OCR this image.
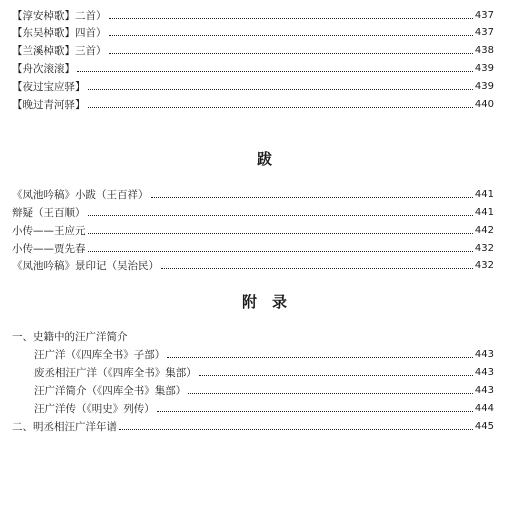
【淳安棹歌】二首）	437
【东吴棹歌】四首）	437
【兰溪棹歌】三首）	438
【舟次滚滚】	439
【夜过宝应驿】	439
【晚过青河驿】	440
跋
《凤池吟稿》小跋（王百祥）	441
辩疑（王百顺）	441
小传——王应元	442
小传——贾先春	432
《凤池吟稿》景印记（吴治民）	432
附　录
一、史籍中的汪广洋简介
汪广洋（《四库全书》子部）	443
废丞相汪广洋（《四库全书》集部）	443
汪广洋简介（《四库全书》集部）	443
汪广洋传（《明史》列传）	444
二、明丞相汪广洋年谱	445
